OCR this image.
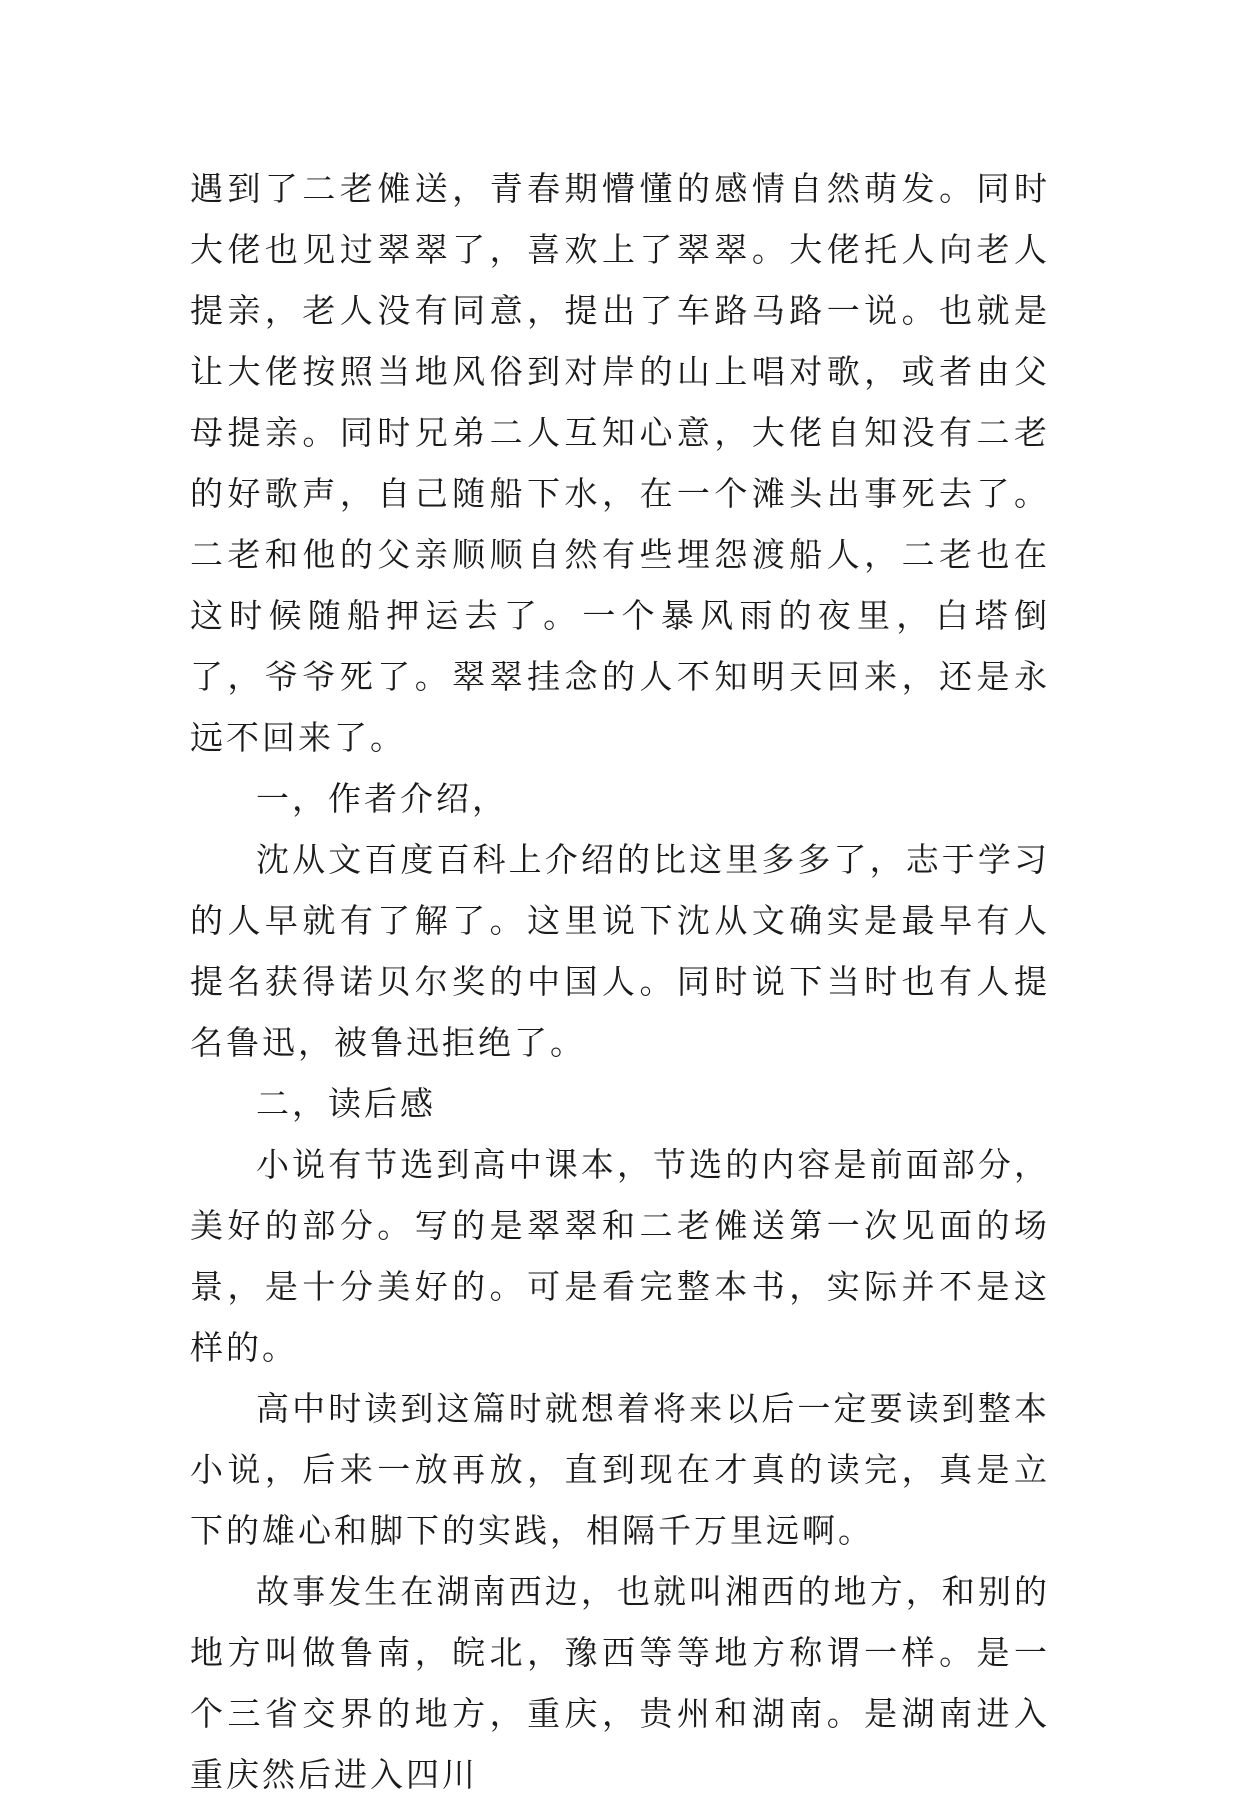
遇到了二老傩送，青春期懵懂的感情自然萌发。同时大佬也见过翠翠了，喜欢上了翠翠。大佬托人向老人提亲，老人没有同意，提出了车路马路一说。也就是让大佬按照当地风俗到对岸的山上唱对歌，或者由父母提亲。同时兄弟二人互知心意，大佬自知没有二老的好歌声，自己随船下水，在一个滩头出事死去了。二老和他的父亲顺顺自然有些埋怨渡船人，二老也在这时候随船押运去了。一个暴风雨的夜里，白塔倒了，爷爷死了。翠翠挂念的人不知明天回来，还是永远不回来了。

一，作者介绍，

沈从文百度百科上介绍的比这里多多了，志于学习的人早就有了解了。这里说下沈从文确实是最早有人提名获得诺贝尔奖的中国人。同时说下当时也有人提名鲁迅，被鲁迅拒绝了。

二，读后感

小说有节选到高中课本，节选的内容是前面部分，美好的部分。写的是翠翠和二老傩送第一次见面的场景，是十分美好的。可是看完整本书，实际并不是这样的。

高中时读到这篇时就想着将来以后一定要读到整本小说，后来一放再放，直到现在才真的读完，真是立下的雄心和脚下的实践，相隔千万里远啊。

故事发生在湖南西边，也就叫湘西的地方，和别的地方叫做鲁南，皖北，豫西等等地方称谓一样。是一个三省交界的地方，重庆，贵州和湖南。是湖南进入重庆然后进入四川
